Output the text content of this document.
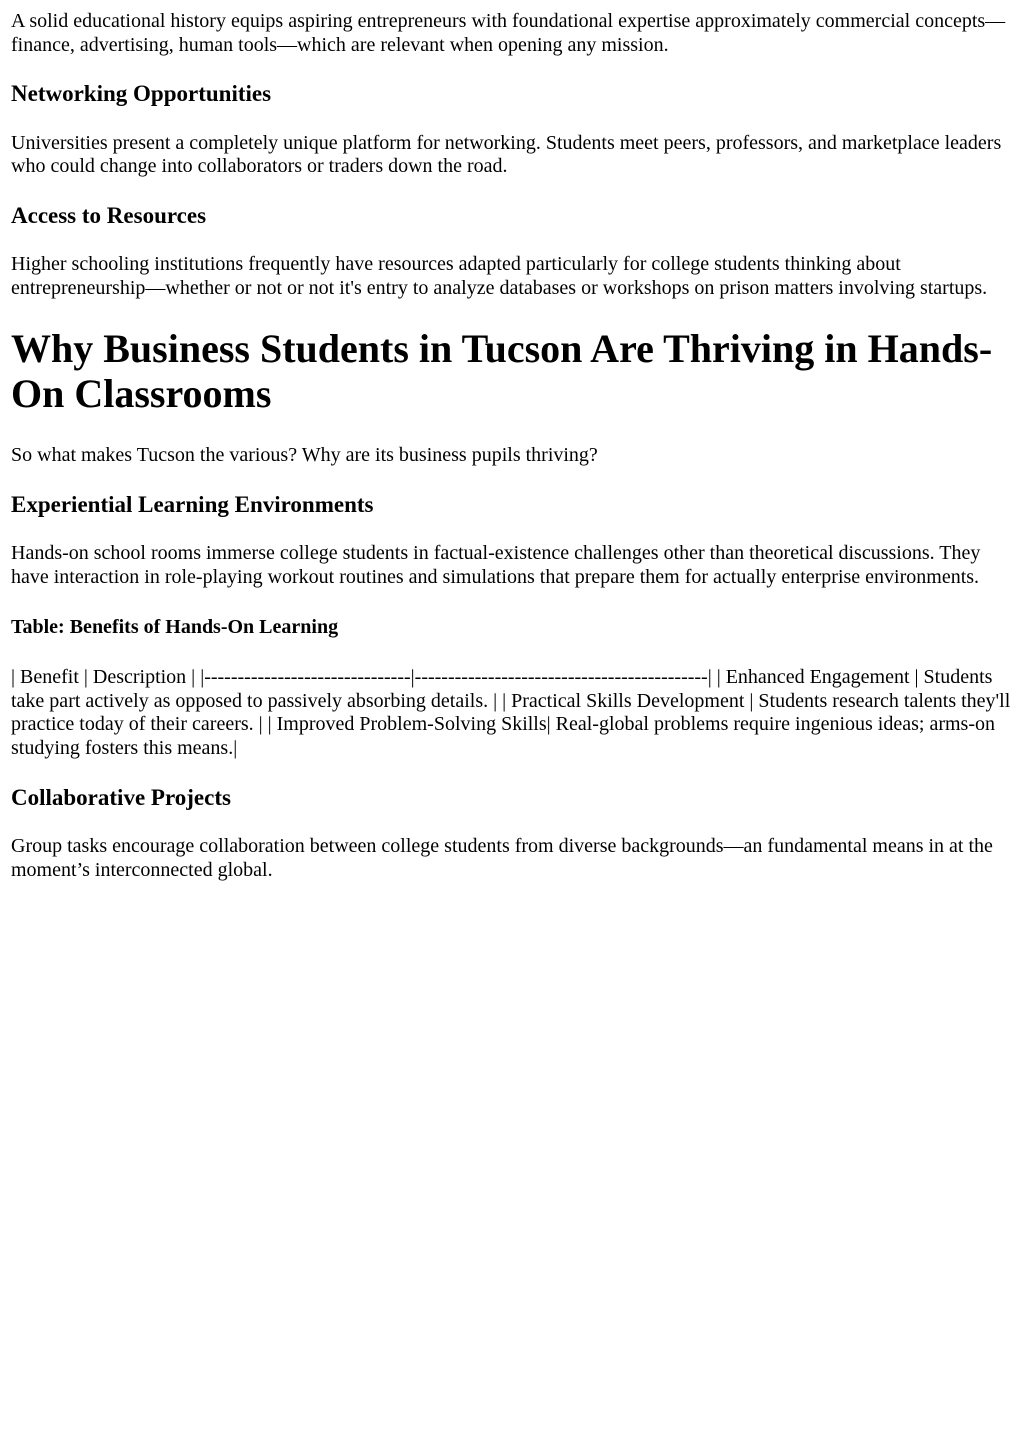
A solid educational history equips aspiring entrepreneurs with foundational expertise approximately commercial concepts—finance, advertising, human tools—which are relevant when opening any mission.

Networking Opportunities

Universities present a completely unique platform for networking. Students meet peers, professors, and marketplace leaders who could change into collaborators or traders down the road.

Access to Resources

Higher schooling institutions frequently have resources adapted particularly for college students thinking about entrepreneurship—whether or not or not it's entry to analyze databases or workshops on prison matters involving startups.

Why Business Students in Tucson Are Thriving in Hands-On Classrooms

So what makes Tucson the various? Why are its business pupils thriving?

Experiential Learning Environments

Hands-on school rooms immerse college students in factual-existence challenges other than theoretical discussions. They have interaction in role-playing workout routines and simulations that prepare them for actually enterprise environments.

Table: Benefits of Hands-On Learning

| Benefit | Description | |-------------------------------|--------------------------------------------| | Enhanced Engagement | Students take part actively as opposed to passively absorbing details. | | Practical Skills Development | Students research talents they'll practice today of their careers. | | Improved Problem-Solving Skills| Real-global problems require ingenious ideas; arms-on studying fosters this means.|

Collaborative Projects

Group tasks encourage collaboration between college students from diverse backgrounds—an fundamental means in at the moment’s interconnected global.
